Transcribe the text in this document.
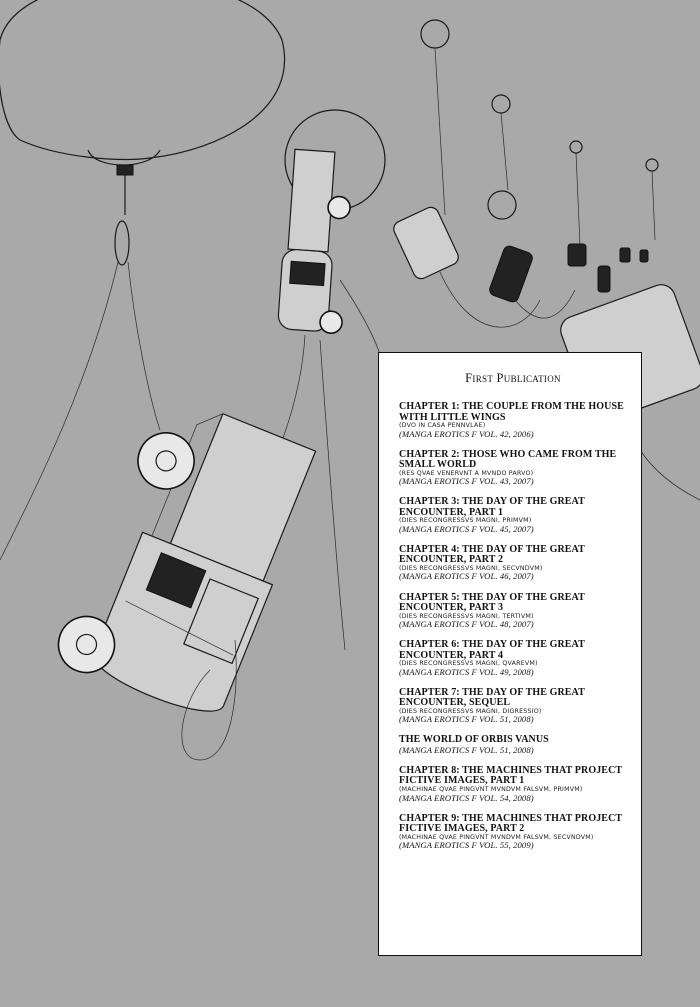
First Publication
CHAPTER 1: THE COUPLE FROM THE HOUSE WITH LITTLE WINGS
(DVO IN CASA PENNVLAE)
(MANGA EROTICS F VOL. 42, 2006)
CHAPTER 2: THOSE WHO CAME FROM THE SMALL WORLD
(RES QVAE VENERVNT A MVNDO PARVO)
(MANGA EROTICS F VOL. 43, 2007)
CHAPTER 3: THE DAY OF THE GREAT ENCOUNTER, PART 1
(DIES RECONGRESSVS MAGNI, PRIMVM)
(MANGA EROTICS F VOL. 45, 2007)
CHAPTER 4: THE DAY OF THE GREAT ENCOUNTER, PART 2
(DIES RECONGRESSVS MAGNI, SECVNDVM)
(MANGA EROTICS F VOL. 46, 2007)
CHAPTER 5: THE DAY OF THE GREAT ENCOUNTER, PART 3
(DIES RECONGRESSVS MAGNI, TERTIVM)
(MANGA EROTICS F VOL. 48, 2007)
CHAPTER 6: THE DAY OF THE GREAT ENCOUNTER, PART 4
(DIES RECONGRESSVS MAGNI, QVAREVM)
(MANGA EROTICS F VOL. 49, 2008)
CHAPTER 7: THE DAY OF THE GREAT ENCOUNTER, SEQUEL
(DIES RECONGRESSVS MAGNI, DIGRESSIO)
(MANGA EROTICS F VOL. 51, 2008)
THE WORLD OF ORBIS VANUS
(MANGA EROTICS F VOL. 51, 2008)
CHAPTER 8: THE MACHINES THAT PROJECT FICTIVE IMAGES, PART 1
(MACHINAE QVAE PINGVNT MVNDVM FALSVM, PRIMVM)
(MANGA EROTICS F VOL. 54, 2008)
CHAPTER 9: THE MACHINES THAT PROJECT FICTIVE IMAGES, PART 2
(MACHINAE QVAE PINGVNT MVNDVM FALSVM, SECVNDVM)
(MANGA EROTICS F VOL. 55, 2009)
